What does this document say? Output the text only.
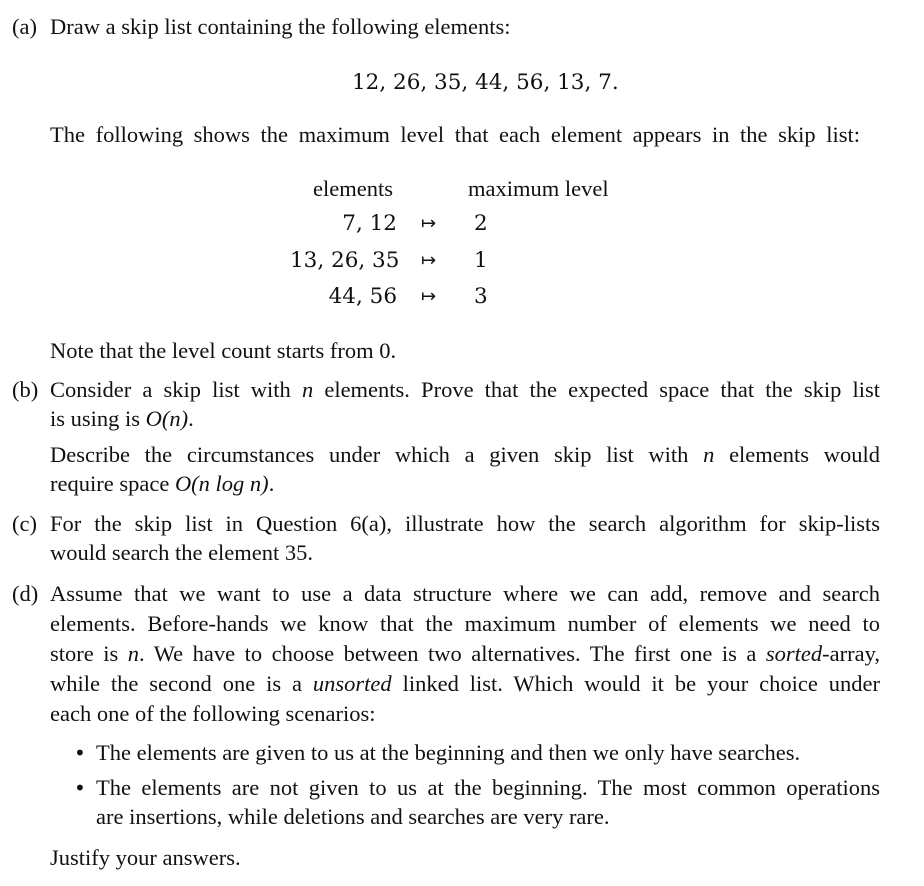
(a) Draw a skip list containing the following elements:
12, 26, 35, 44, 56, 13, 7.
The following shows the maximum level that each element appears in the skip list:
elements	maximum level
7, 12 ↦ 2
13, 26, 35 ↦ 1
44, 56 ↦ 3
Note that the level count starts from 0.
(b) Consider a skip list with n elements. Prove that the expected space that the skip list
is using is O(n).
Describe the circumstances under which a given skip list with n elements would
require space O(n log n).
(c) For the skip list in Question 6(a), illustrate how the search algorithm for skip-lists
would search the element 35.
(d) Assume that we want to use a data structure where we can add, remove and search
elements. Before-hands we know that the maximum number of elements we need to
store is n. We have to choose between two alternatives. The first one is a sorted-array,
while the second one is a unsorted linked list. Which would it be your choice under
each one of the following scenarios:
• The elements are given to us at the beginning and then we only have searches.
• The elements are not given to us at the beginning. The most common operations
are insertions, while deletions and searches are very rare.
Justify your answers.
